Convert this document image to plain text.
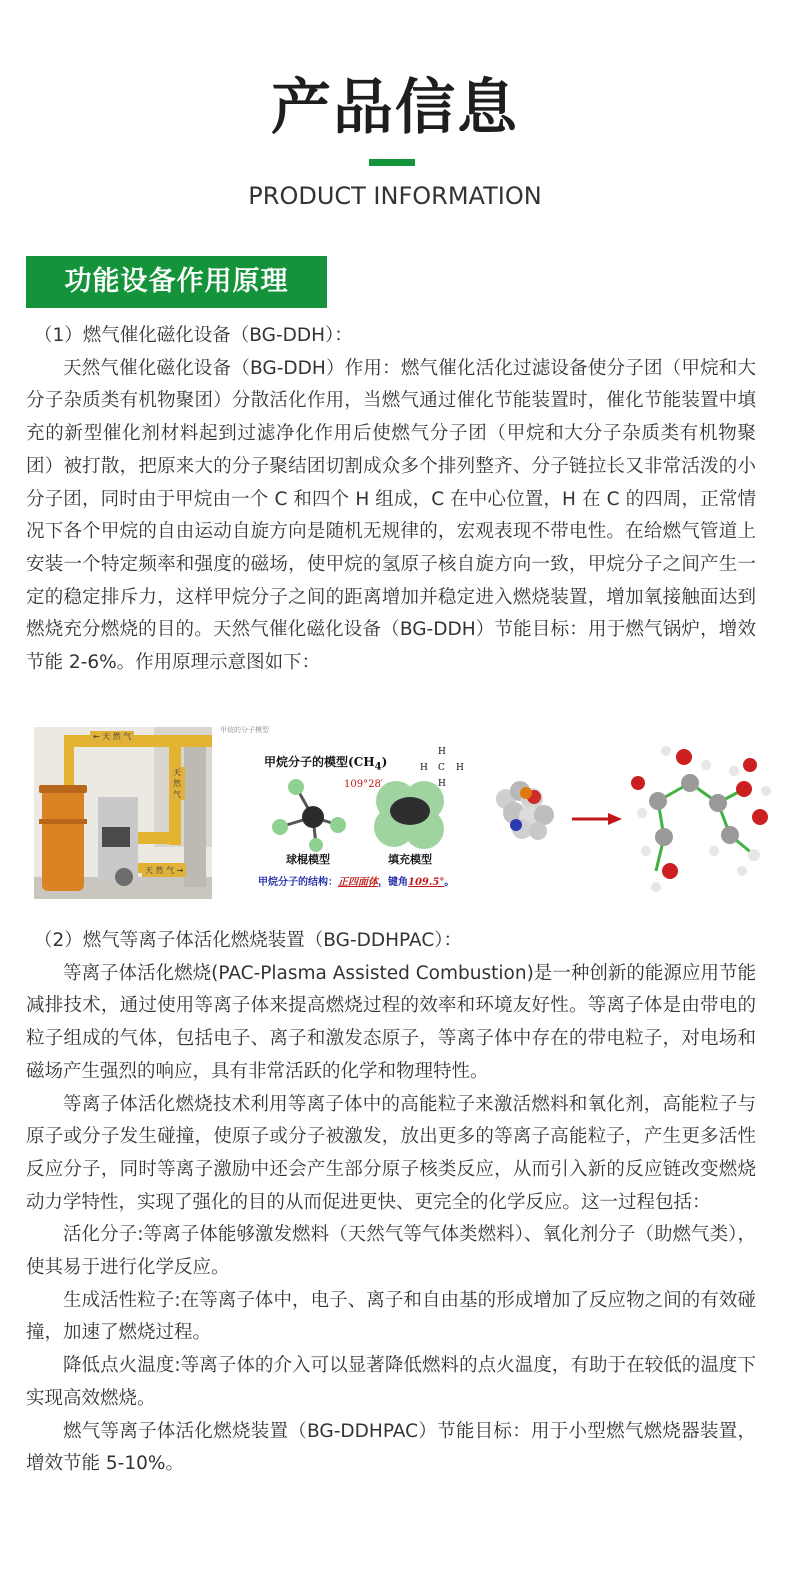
产品信息
PRODUCT INFORMATION
功能设备作用原理

（1）燃气催化磁化设备（BG-DDH）：

天然气催化磁化设备（BG-DDH）作用：燃气催化活化过滤设备使分子团（甲烷和大分子杂质类有机物聚团）分散活化作用，当燃气通过催化节能装置时，催化节能装置中填充的新型催化剂材料起到过滤净化作用后使燃气分子团（甲烷和大分子杂质类有机物聚团）被打散，把原来大的分子聚结团切割成众多个排列整齐、分子链拉长又非常活泼的小分子团，同时由于甲烷由一个 C 和四个 H 组成，C 在中心位置，H 在 C 的四周，正常情况下各个甲烷的自由运动自旋方向是随机无规律的，宏观表现不带电性。在给燃气管道上安装一个特定频率和强度的磁场，使甲烷的氢原子核自旋方向一致，甲烷分子之间产生一定的稳定排斥力，这样甲烷分子之间的距离增加并稳定进入燃烧装置，增加氧接触面达到燃烧充分燃烧的目的。天然气催化磁化设备（BG-DDH）节能目标：用于燃气锅炉，增效节能 2-6%。作用原理示意图如下：

← 天 然 气
天 然 气 →
天然气
甲烷的分子模型
甲烷分子的模型$(CH_4)$
109°28′
球棍模型	填充模型
甲烷分子的结构：正四面体，键角109.5°。
H
H C H
H

（2）燃气等离子体活化燃烧装置（BG-DDHPAC）：

等离子体活化燃烧(PAC-Plasma Assisted Combustion)是一种创新的能源应用节能减排技术，通过使用等离子体来提高燃烧过程的效率和环境友好性。等离子体是由带电的粒子组成的气体，包括电子、离子和激发态原子，等离子体中存在的带电粒子，对电场和磁场产生强烈的响应，具有非常活跃的化学和物理特性。

等离子体活化燃烧技术利用等离子体中的高能粒子来激活燃料和氧化剂，高能粒子与原子或分子发生碰撞，使原子或分子被激发，放出更多的等离子高能粒子，产生更多活性反应分子，同时等离子激励中还会产生部分原子核类反应，从而引入新的反应链改变燃烧动力学特性，实现了强化的目的从而促进更快、更完全的化学反应。这一过程包括：

活化分子:等离子体能够激发燃料（天然气等气体类燃料）、氧化剂分子（助燃气类），使其易于进行化学反应。

生成活性粒子:在等离子体中，电子、离子和自由基的形成增加了反应物之间的有效碰撞，加速了燃烧过程。

降低点火温度:等离子体的介入可以显著降低燃料的点火温度，有助于在较低的温度下实现高效燃烧。

燃气等离子体活化燃烧装置（BG-DDHPAC）节能目标：用于小型燃气燃烧器装置，增效节能 5-10%。
